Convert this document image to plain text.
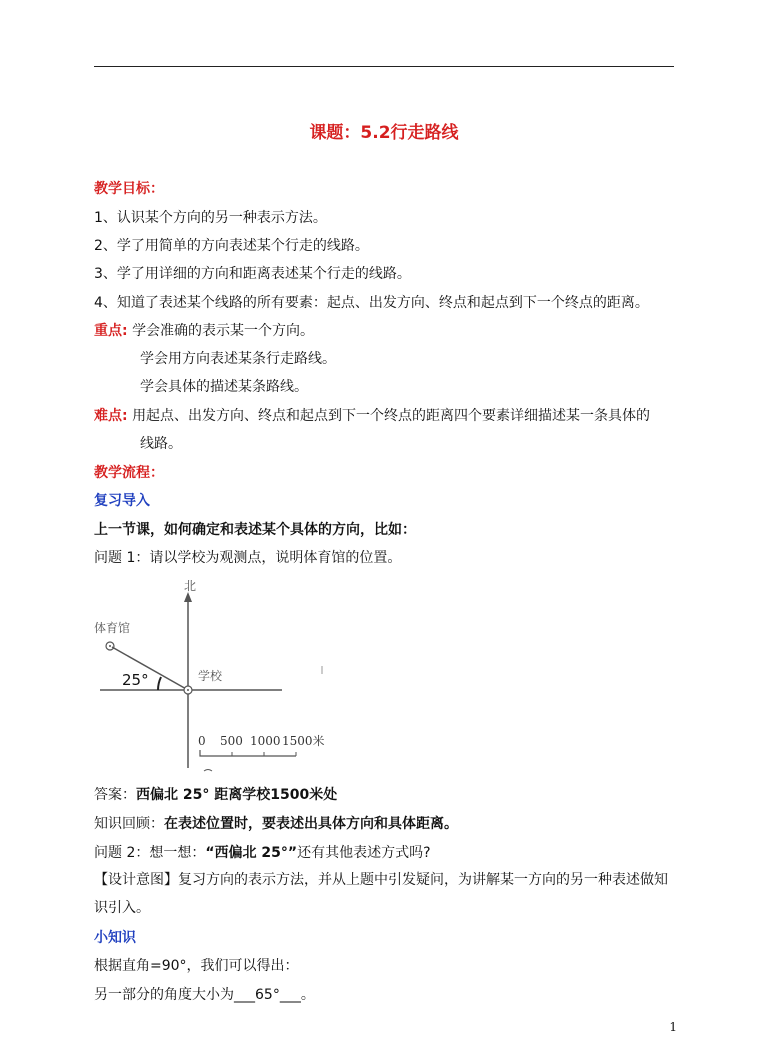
课题：5.2行走路线
教学目标：
1、认识某个方向的另一种表示方法。
2、学了用简单的方向表述某个行走的线路。
3、学了用详细的方向和距离表述某个行走的线路。
4、知道了表述某个线路的所有要素：起点、出发方向、终点和起点到下一个终点的距离。
重点: 学会准确的表示某一个方向。
学会用方向表述某条行走路线。
学会具体的描述某条路线。
难点: 用起点、出发方向、终点和起点到下一个终点的距离四个要素详细描述某一条具体的
线路。
教学流程：
复习导入
上一节课，如何确定和表述某个具体的方向，比如：
问题 1：请以学校为观测点，说明体育馆的位置。
北
体育馆
学校
25°
0 500 1000 1500米
答案：西偏北 25° 距离学校1500米处
知识回顾：在表述位置时，要表述出具体方向和具体距离。
问题 2：想一想：“西偏北 25°”还有其他表述方式吗?
【设计意图】复习方向的表示方法，并从上题中引发疑问，为讲解某一方向的另一种表述做知识引入。
小知识
根据直角=90°，我们可以得出：
另一部分的角度大小为___65°___。
1
